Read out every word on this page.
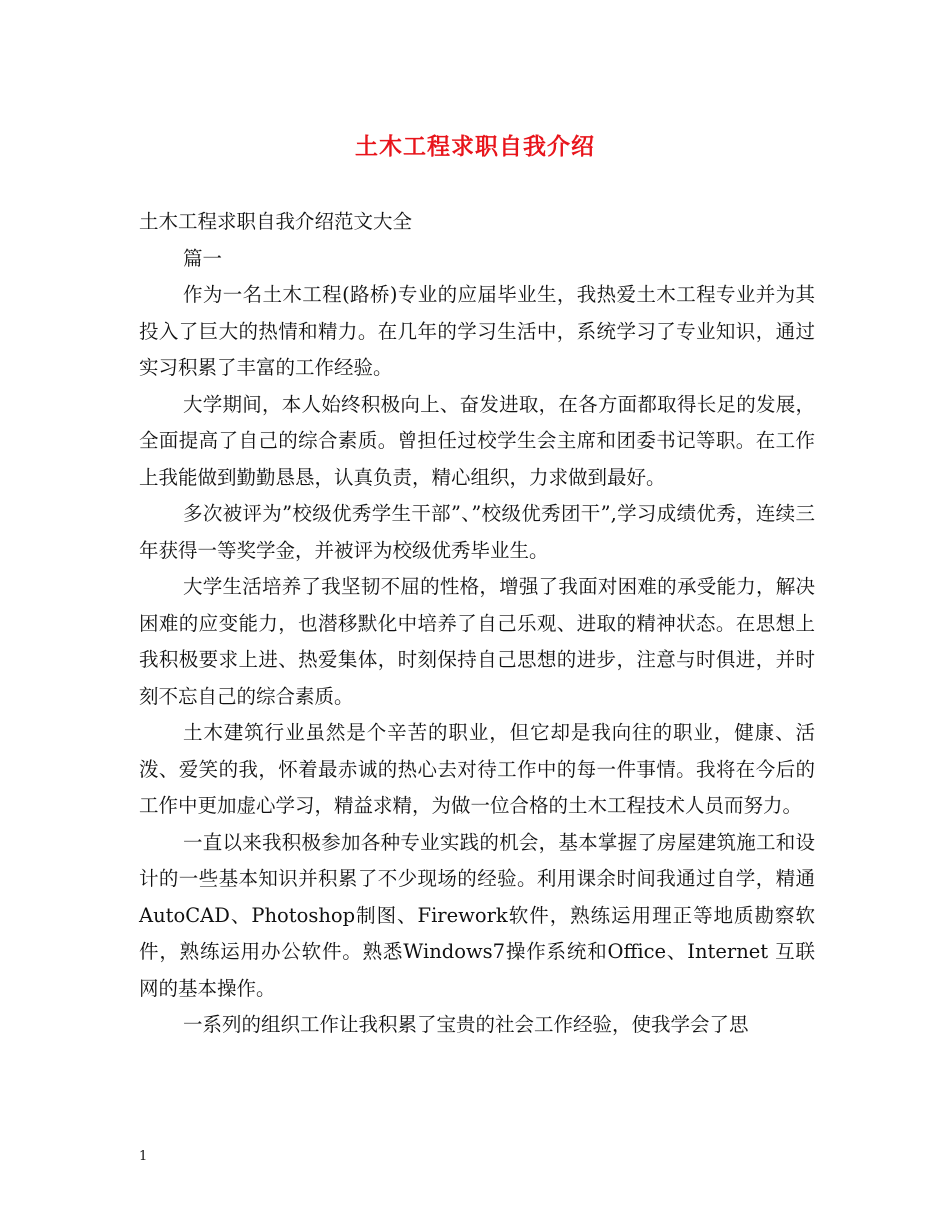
土木工程求职自我介绍

土木工程求职自我介绍范文大全

篇一

作为一名土木工程(路桥)专业的应届毕业生，我热爱土木工程专业并为其投入了巨大的热情和精力。在几年的学习生活中，系统学习了专业知识，通过实习积累了丰富的工作经验。

大学期间，本人始终积极向上、奋发进取，在各方面都取得长足的发展，全面提高了自己的综合素质。曾担任过校学生会主席和团委书记等职。在工作上我能做到勤勤恳恳，认真负责，精心组织，力求做到最好。

多次被评为”校级优秀学生干部”、”校级优秀团干”,学习成绩优秀，连续三年获得一等奖学金，并被评为校级优秀毕业生。

大学生活培养了我坚韧不屈的性格，增强了我面对困难的承受能力，解决困难的应变能力，也潜移默化中培养了自己乐观、进取的精神状态。在思想上我积极要求上进、热爱集体，时刻保持自己思想的进步，注意与时俱进，并时刻不忘自己的综合素质。

土木建筑行业虽然是个辛苦的职业，但它却是我向往的职业，健康、活泼、爱笑的我，怀着最赤诚的热心去对待工作中的每一件事情。我将在今后的工作中更加虚心学习，精益求精，为做一位合格的土木工程技术人员而努力。

一直以来我积极参加各种专业实践的机会，基本掌握了房屋建筑施工和设计的一些基本知识并积累了不少现场的经验。利用课余时间我通过自学，精通AutoCAD、Photoshop制图、Firework软件，熟练运用理正等地质勘察软件，熟练运用办公软件。熟悉Windows7操作系统和Office、Internet 互联网的基本操作。

一系列的组织工作让我积累了宝贵的社会工作经验，使我学会了思

1
